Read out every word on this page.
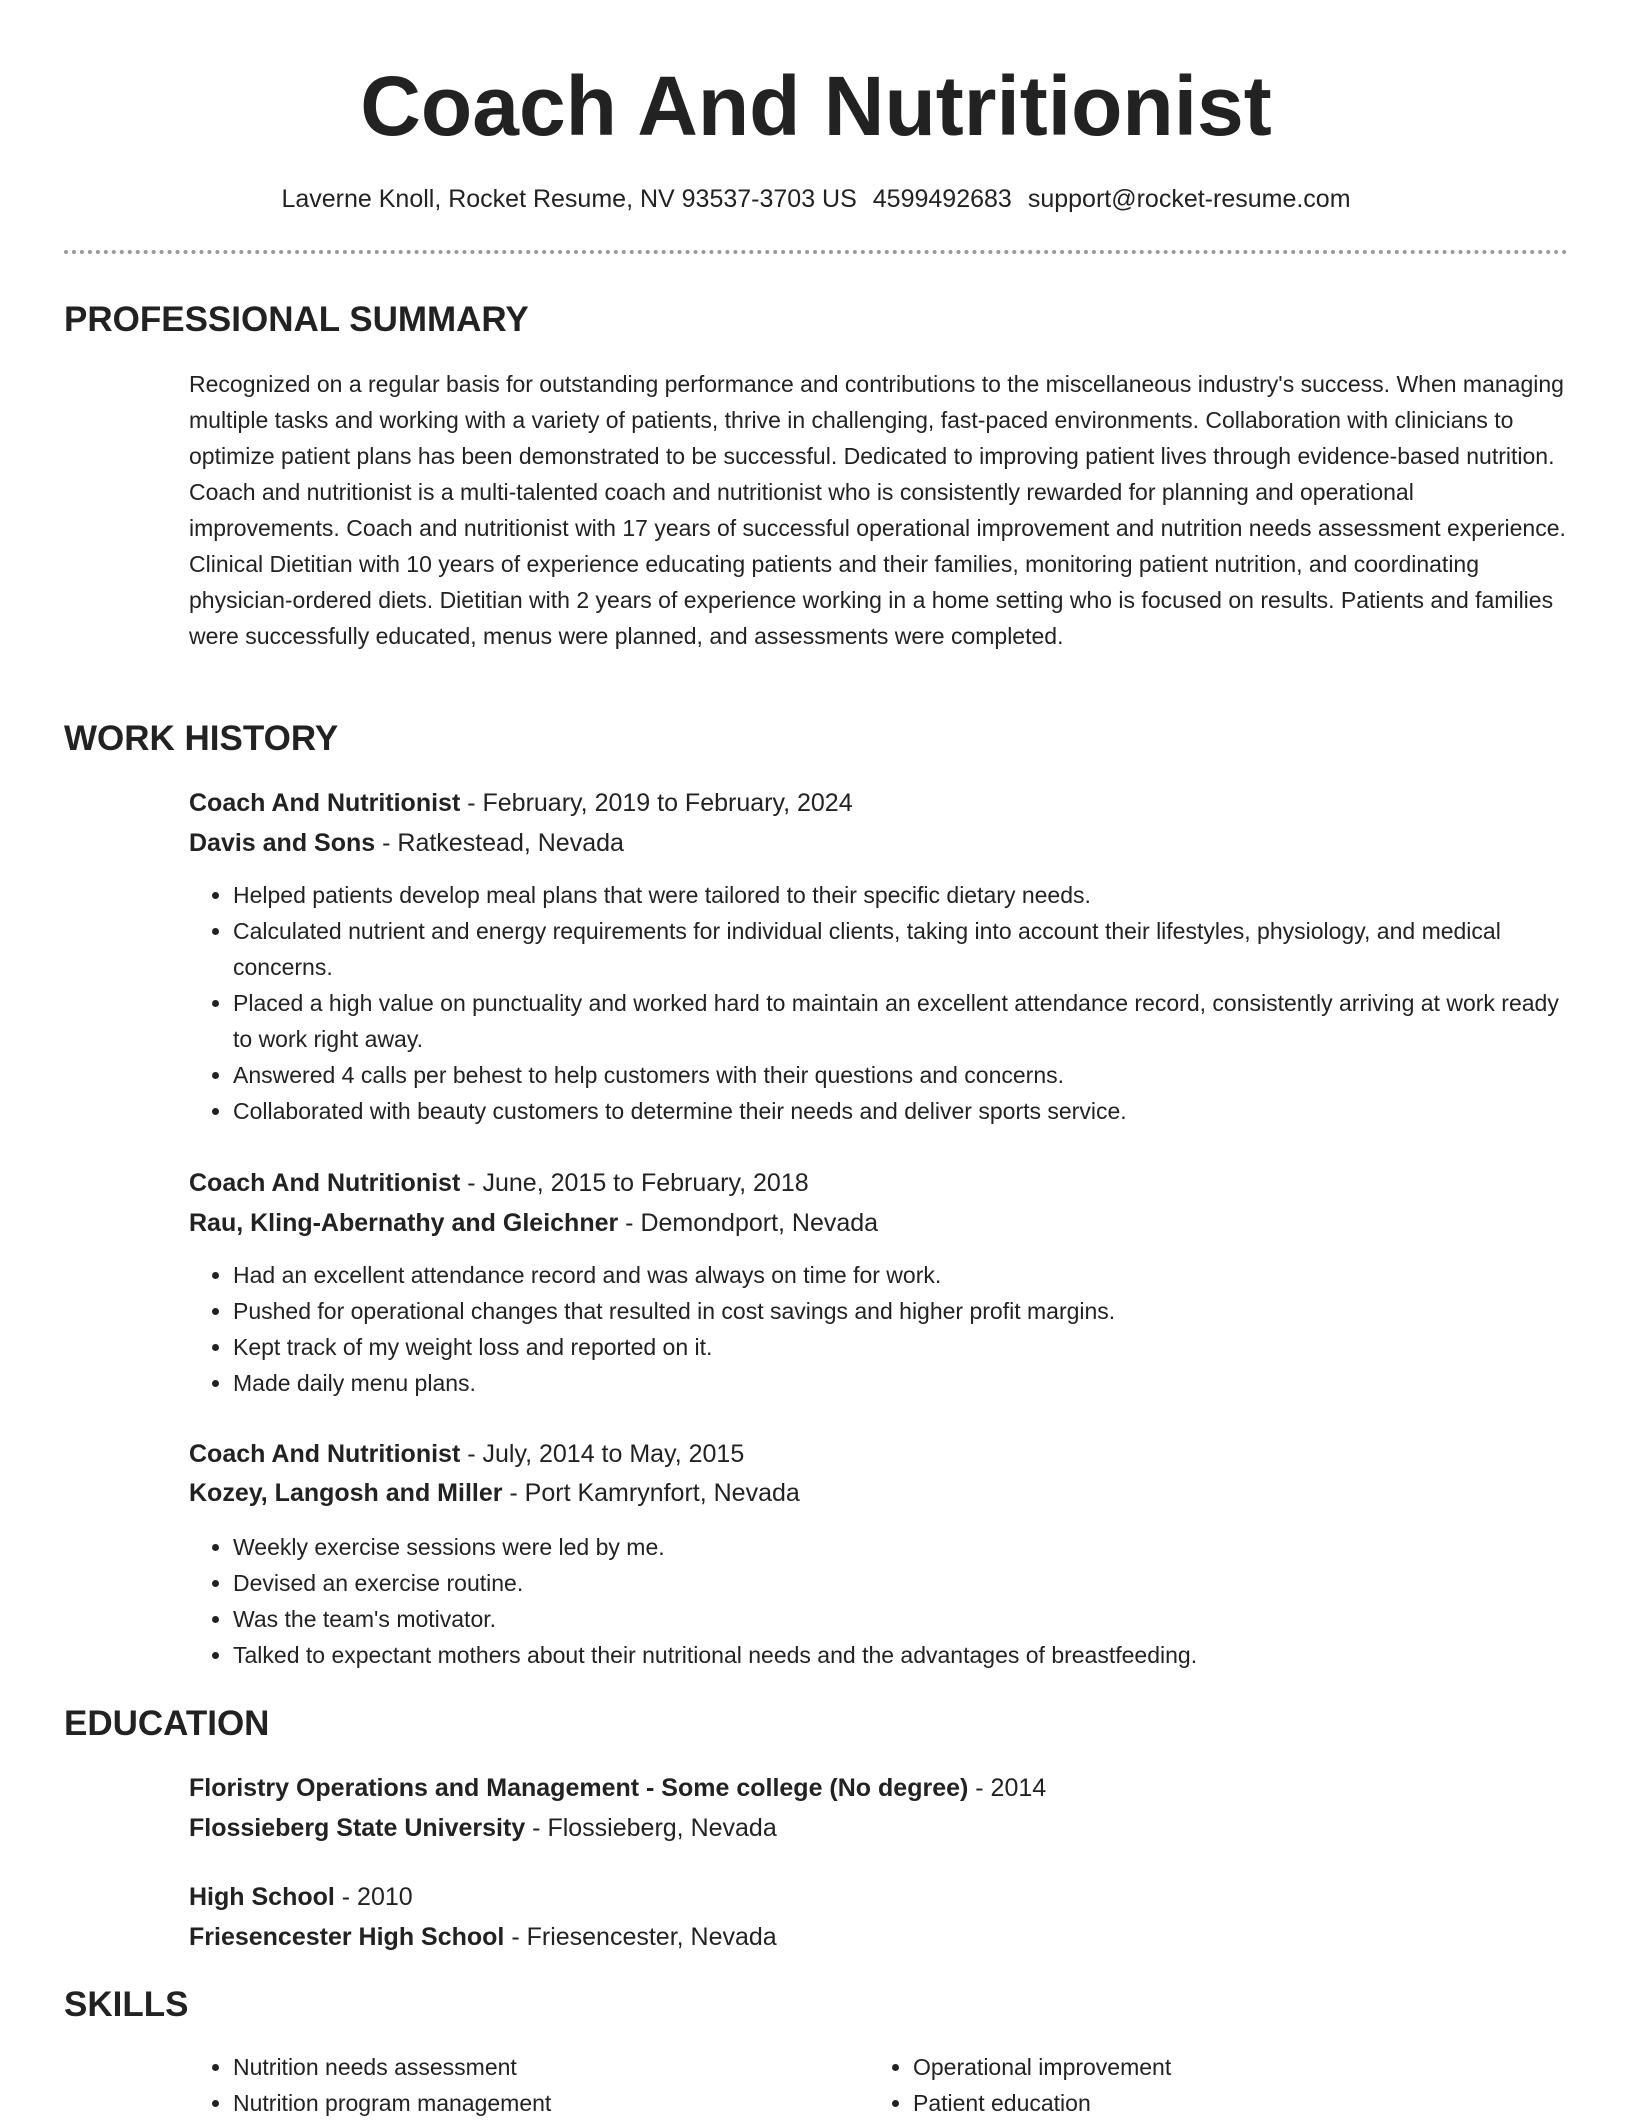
Coach And Nutritionist
Laverne Knoll, Rocket Resume, NV 93537-3703 US 4599492683 support@rocket-resume.com
PROFESSIONAL SUMMARY

Recognized on a regular basis for outstanding performance and contributions to the miscellaneous industry's success. When managing multiple tasks and working with a variety of patients, thrive in challenging, fast-paced environments. Collaboration with clinicians to optimize patient plans has been demonstrated to be successful. Dedicated to improving patient lives through evidence-based nutrition. Coach and nutritionist is a multi-talented coach and nutritionist who is consistently rewarded for planning and operational improvements. Coach and nutritionist with 17 years of successful operational improvement and nutrition needs assessment experience. Clinical Dietitian with 10 years of experience educating patients and their families, monitoring patient nutrition, and coordinating physician-ordered diets. Dietitian with 2 years of experience working in a home setting who is focused on results. Patients and families were successfully educated, menus were planned, and assessments were completed.

WORK HISTORY
Coach And Nutritionist - February, 2019 to February, 2024
Davis and Sons - Ratkestead, Nevada
• Helped patients develop meal plans that were tailored to their specific dietary needs.
• Calculated nutrient and energy requirements for individual clients, taking into account their lifestyles, physiology, and medical concerns.
• Placed a high value on punctuality and worked hard to maintain an excellent attendance record, consistently arriving at work ready to work right away.
• Answered 4 calls per behest to help customers with their questions and concerns.
• Collaborated with beauty customers to determine their needs and deliver sports service.
Coach And Nutritionist - June, 2015 to February, 2018
Rau, Kling-Abernathy and Gleichner - Demondport, Nevada
• Had an excellent attendance record and was always on time for work.
• Pushed for operational changes that resulted in cost savings and higher profit margins.
• Kept track of my weight loss and reported on it.
• Made daily menu plans.
Coach And Nutritionist - July, 2014 to May, 2015
Kozey, Langosh and Miller - Port Kamrynfort, Nevada
• Weekly exercise sessions were led by me.
• Devised an exercise routine.
• Was the team's motivator.
• Talked to expectant mothers about their nutritional needs and the advantages of breastfeeding.
EDUCATION
Floristry Operations and Management - Some college (No degree) - 2014
Flossieberg State University - Flossieberg, Nevada
High School - 2010
Friesencester High School - Friesencester, Nevada
SKILLS
• Nutrition needs assessment
• Nutrition program management
• Operational improvement
• Patient education
